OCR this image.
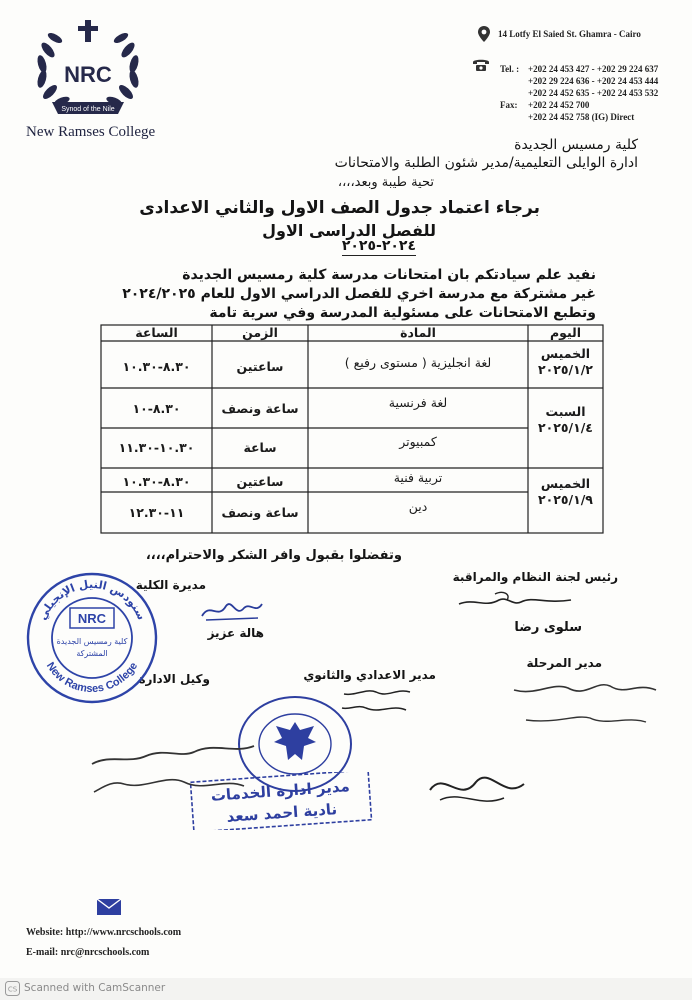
NRC
Synod of the Nile
New Ramses College
14 Lotfy El Saied St. Ghamra - Cairo
Tel. : +202 24 453 427 - +202 29 224 637
+202 29 224 636 - +202 24 453 444
+202 24 452 635 - +202 24 453 532
Fax: +202 24 452 700
+202 24 452 758 (IG) Direct
كلية رمسيس الجديدة
ادارة الوايلى التعليمية/مدير شئون الطلبة والامتحانات
تحية طيبة وبعد،،،،
برجاء اعتماد جدول الصف الاول والثاني الاعدادى
للفصل الدراسى الاول
٢٠٢٤-٢٠٢٥
نفيد علم سيادتكم بان امتحانات مدرسة كلية رمسيس الجديدة
غير مشتركة مع مدرسة اخري للفصل الدراسي الاول للعام ٢٠٢٤/٢٠٢٥
وتطبع الامتحانات على مسئولية المدرسة وفي سرية تامة
اليوم
المادة
الزمن
الساعة
الخميس
٢٠٢٥/١/٢
السبت
٢٠٢٥/١/٤
الخميس
٢٠٢٥/١/٩
لغة انجليزية ( مستوى رفيع )
ساعتين
٨.٣٠-١٠.٣٠
لغة فرنسية
ساعة ونصف
٨.٣٠-١٠
كمبيوتر
ساعة
١٠.٣٠-١١.٣٠
تربية فنية
ساعتين
٨.٣٠-١٠.٣٠
دين
ساعة ونصف
١١-١٢.٣٠
وتفضلوا بقبول وافر الشكر والاحترام،،،،
رئيس لجنة النظام والمراقبة
سلوى رضا
مديرة الكلية
هالة عزيز
وكيل الادارة
مدير المرحلة
مدير الاعدادي والثانوي
سنودس النيل الإنجيلي
New Ramses College
NRC
كلية رمسيس الجديدة
المشتركة
مدير ادارة الخدمات
نادية احمد سعد
Website: http://www.nrcschools.com
E-mail: nrc@nrcschools.com
CS Scanned with CamScanner
